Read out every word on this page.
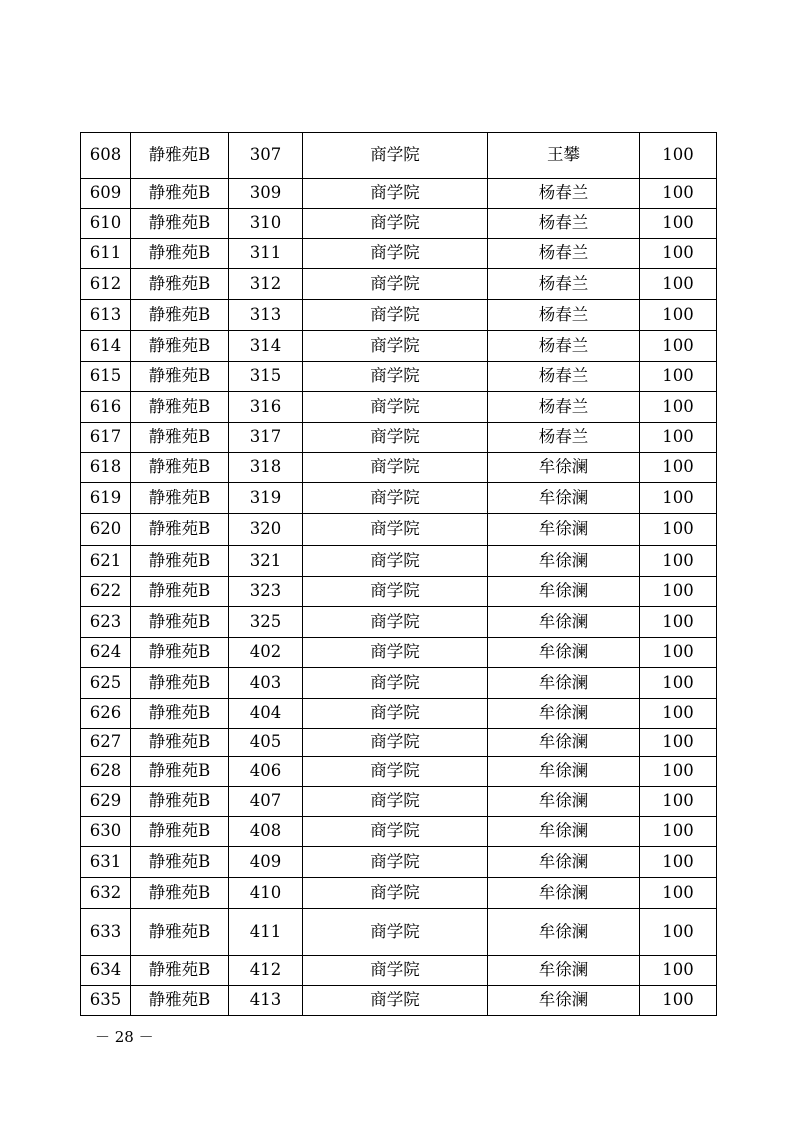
608	静雅苑B	307	商学院	王攀	100
609	静雅苑B	309	商学院	杨春兰	100
610	静雅苑B	310	商学院	杨春兰	100
611	静雅苑B	311	商学院	杨春兰	100
612	静雅苑B	312	商学院	杨春兰	100
613	静雅苑B	313	商学院	杨春兰	100
614	静雅苑B	314	商学院	杨春兰	100
615	静雅苑B	315	商学院	杨春兰	100
616	静雅苑B	316	商学院	杨春兰	100
617	静雅苑B	317	商学院	杨春兰	100
618	静雅苑B	318	商学院	牟徐澜	100
619	静雅苑B	319	商学院	牟徐澜	100
620	静雅苑B	320	商学院	牟徐澜	100
621	静雅苑B	321	商学院	牟徐澜	100
622	静雅苑B	323	商学院	牟徐澜	100
623	静雅苑B	325	商学院	牟徐澜	100
624	静雅苑B	402	商学院	牟徐澜	100
625	静雅苑B	403	商学院	牟徐澜	100
626	静雅苑B	404	商学院	牟徐澜	100
627	静雅苑B	405	商学院	牟徐澜	100
628	静雅苑B	406	商学院	牟徐澜	100
629	静雅苑B	407	商学院	牟徐澜	100
630	静雅苑B	408	商学院	牟徐澜	100
631	静雅苑B	409	商学院	牟徐澜	100
632	静雅苑B	410	商学院	牟徐澜	100
633	静雅苑B	411	商学院	牟徐澜	100
634	静雅苑B	412	商学院	牟徐澜	100
635	静雅苑B	413	商学院	牟徐澜	100
－ 28 －
